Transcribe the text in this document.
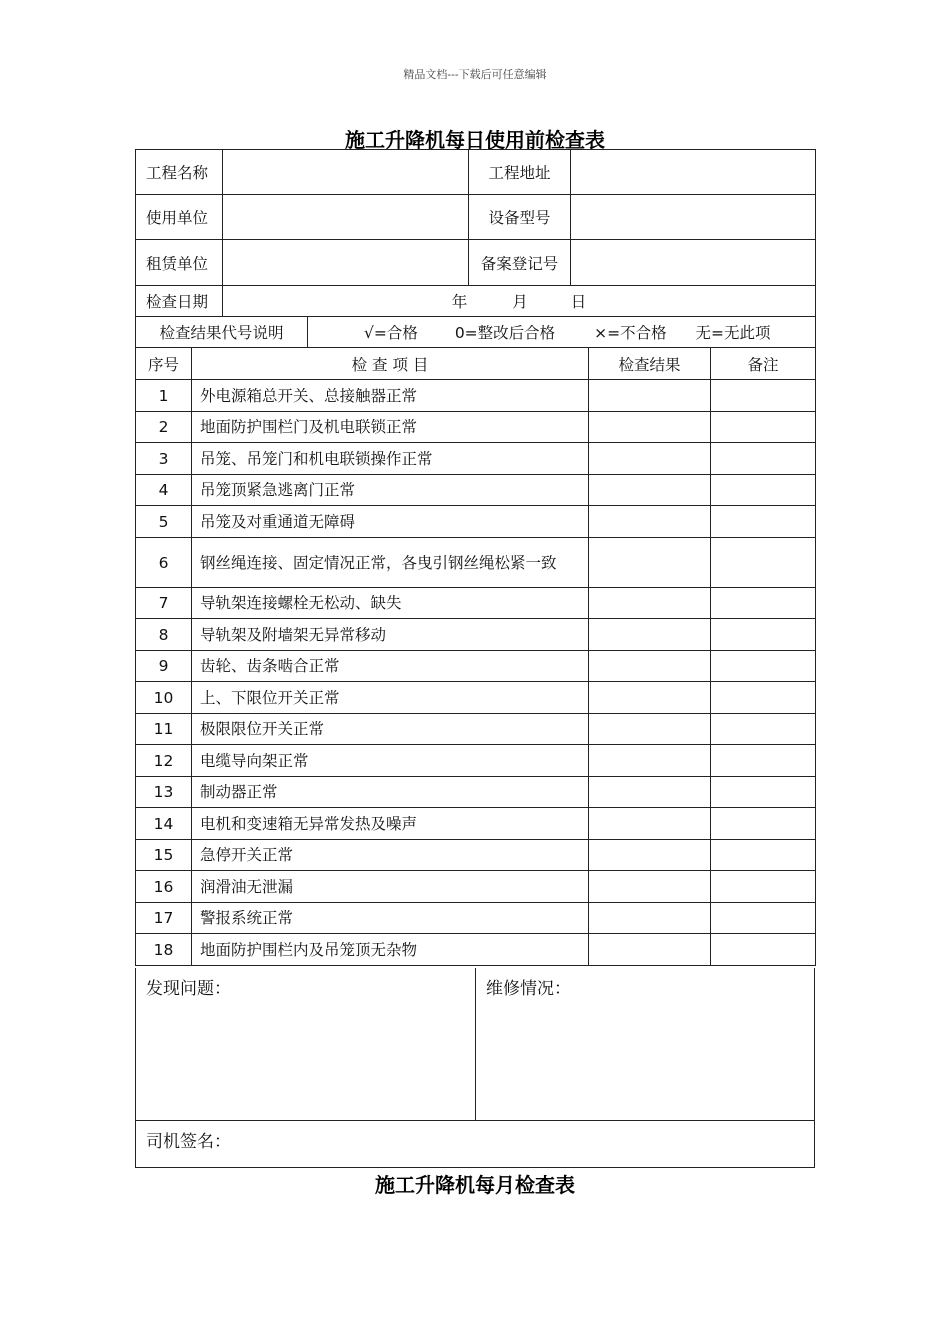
精品文档---下载后可任意编辑
施工升降机每日使用前检查表
工程名称		工程地址	
使用单位		设备型号	
租赁单位		备案登记号	
检查日期	年 月 日		
检查结果代号说明	√=合格 0=整改后合格	×=不合格 无=无此项
序号	检 查 项 目	检查结果	备注
1	外电源箱总开关、总接触器正常		
2	地面防护围栏门及机电联锁正常		
3	吊笼、吊笼门和机电联锁操作正常		
4	吊笼顶紧急逃离门正常		
5	吊笼及对重通道无障碍		
6	钢丝绳连接、固定情况正常，各曳引钢丝绳松紧一致		
7	导轨架连接螺栓无松动、缺失		
8	导轨架及附墙架无异常移动		
9	齿轮、齿条啮合正常		
10	上、下限位开关正常		
11	极限限位开关正常		
12	电缆导向架正常		
13	制动器正常		
14	电机和变速箱无异常发热及噪声		
15	急停开关正常		
16	润滑油无泄漏		
17	警报系统正常		
18	地面防护围栏内及吊笼顶无杂物		
发现问题：	维修情况：
司机签名：
施工升降机每月检查表
